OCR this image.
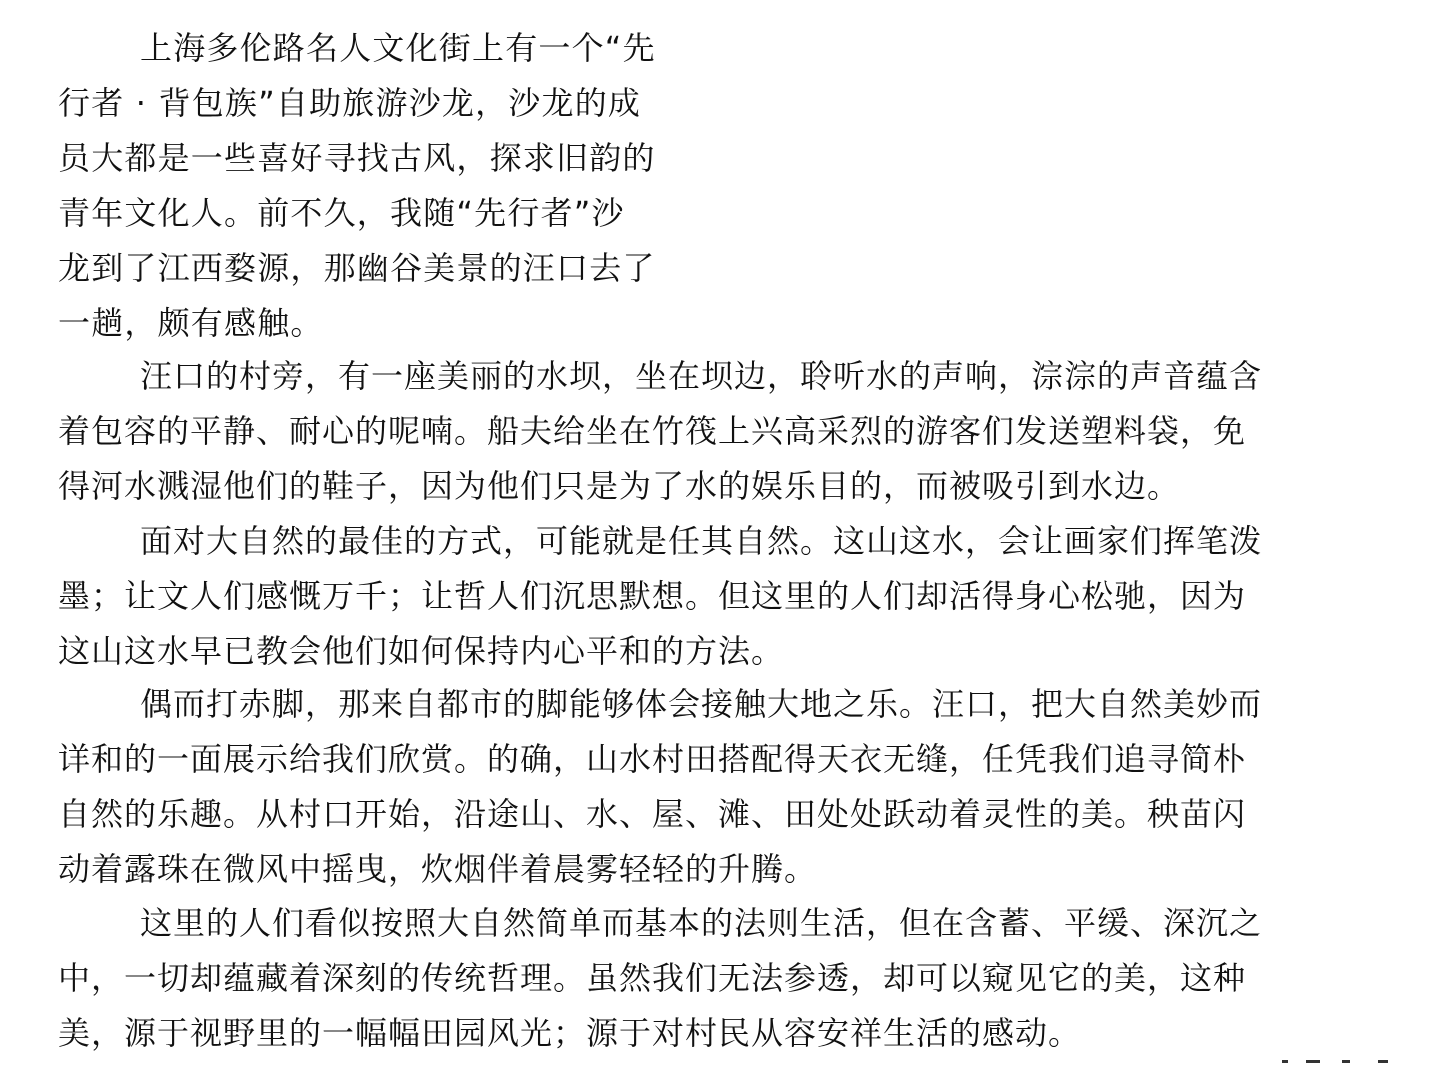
上海多伦路名人文化街上有一个“先
行者 · 背包族”自助旅游沙龙，沙龙的成
员大都是一些喜好寻找古风，探求旧韵的
青年文化人。前不久，我随“先行者”沙
龙到了江西婺源，那幽谷美景的汪口去了
一趟，颇有感触。
汪口的村旁，有一座美丽的水坝，坐在坝边，聆听水的声响，淙淙的声音蕴含
着包容的平静、耐心的呢喃。船夫给坐在竹筏上兴高采烈的游客们发送塑料袋，免
得河水溅湿他们的鞋子，因为他们只是为了水的娱乐目的，而被吸引到水边。
面对大自然的最佳的方式，可能就是任其自然。这山这水，会让画家们挥笔泼
墨；让文人们感慨万千；让哲人们沉思默想。但这里的人们却活得身心松驰，因为
这山这水早已教会他们如何保持内心平和的方法。
偶而打赤脚，那来自都市的脚能够体会接触大地之乐。汪口，把大自然美妙而
详和的一面展示给我们欣赏。的确，山水村田搭配得天衣无缝，任凭我们追寻简朴
自然的乐趣。从村口开始，沿途山、水、屋、滩、田处处跃动着灵性的美。秧苗闪
动着露珠在微风中摇曳，炊烟伴着晨雾轻轻的升腾。
这里的人们看似按照大自然简单而基本的法则生活，但在含蓄、平缓、深沉之
中，一切却蕴藏着深刻的传统哲理。虽然我们无法参透，却可以窥见它的美，这种
美，源于视野里的一幅幅田园风光；源于对村民从容安祥生活的感动。
